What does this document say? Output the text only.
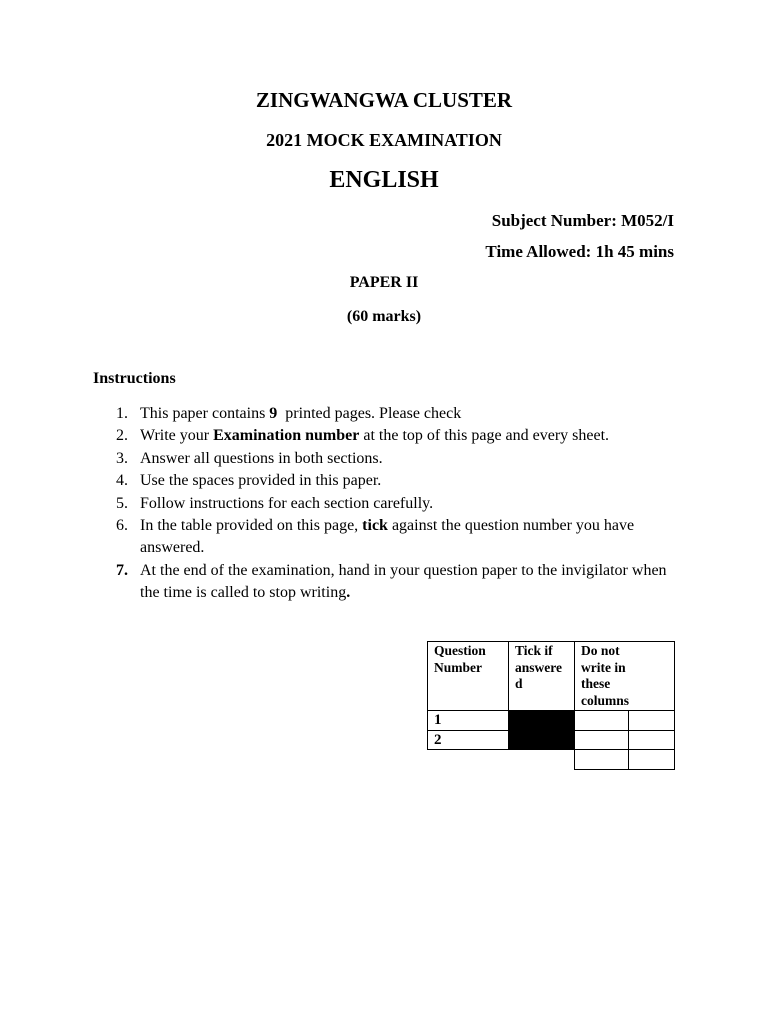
ZINGWANGWA CLUSTER
2021 MOCK EXAMINATION
ENGLISH
Subject Number: M052/I
Time Allowed: 1h 45 mins
PAPER II
(60 marks)
Instructions
1. This paper contains 9  printed pages. Please check
2. Write your Examination number at the top of this page and every sheet.
3. Answer all questions in both sections.
4. Use the spaces provided in this paper.
5. Follow instructions for each section carefully.
6. In the table provided on this page, tick against the question number you have answered.
7. At the end of the examination, hand in your question paper to the invigilator when the time is called to stop writing.
Question
Number
Tick if
answere
d
Do not
write in
these
columns
1
2
